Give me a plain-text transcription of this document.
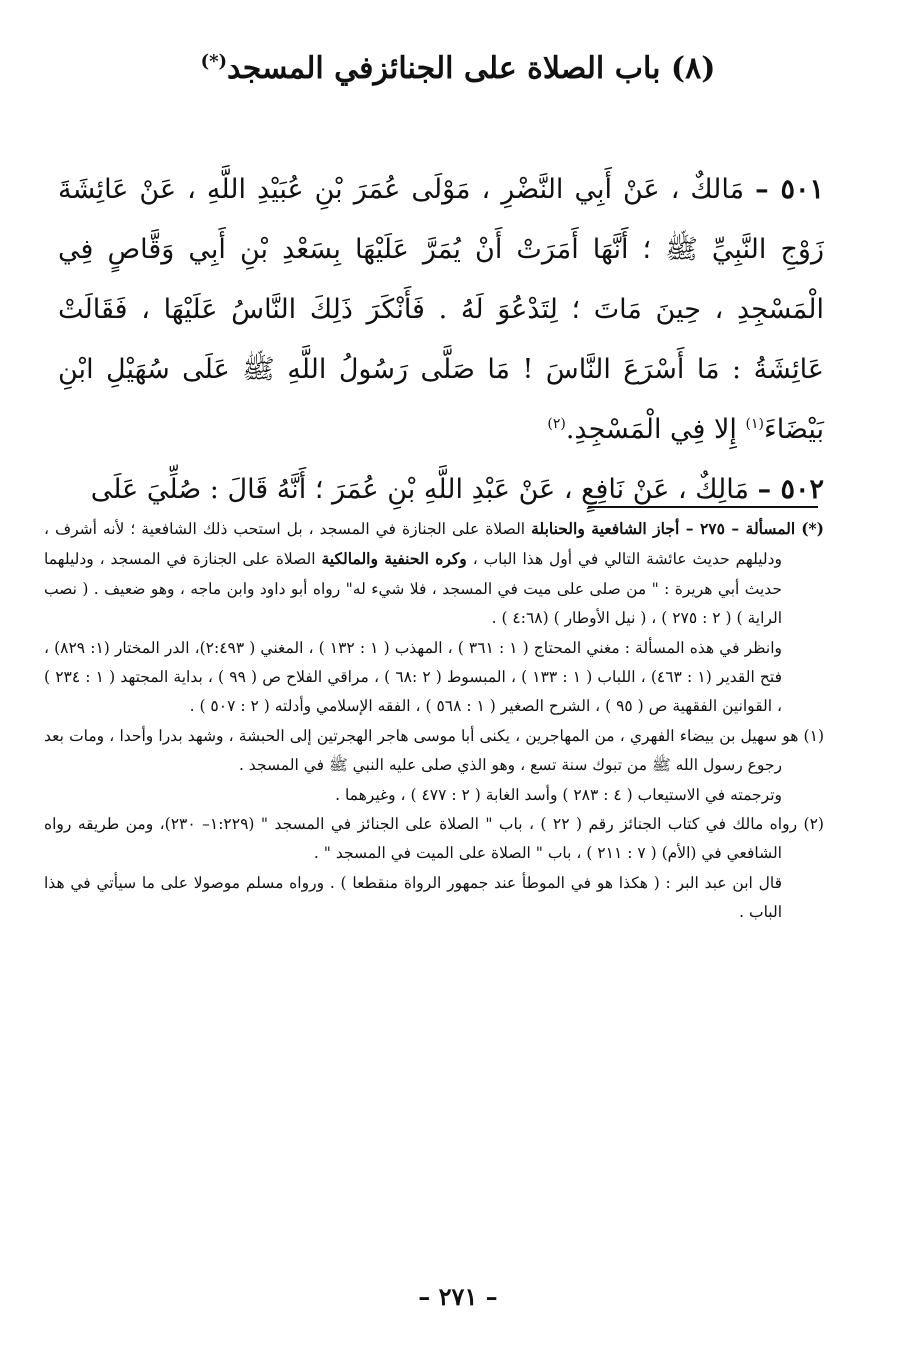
(٨) باب الصلاة على الجنائزفي المسجد(*)

٥٠١ – مَالكٌ ، عَنْ أَبِي النَّضْرِ ، مَوْلَى عُمَرَ بْنِ عُبَيْدِ اللَّهِ ، عَنْ عَائِشَةَ زَوْجِ النَّبِيِّ ﷺ ؛ أَنَّهَا أَمَرَتْ أَنْ يُمَرَّ عَلَيْهَا بِسَعْدِ بْنِ أَبِي وَقَّاصٍ فِي الْمَسْجِدِ ، حِينَ مَاتَ ؛ لِتَدْعُوَ لَهُ . فَأَنْكَرَ ذَلِكَ النَّاسُ عَلَيْهَا ، فَقَالَتْ عَائِشَةُ : مَا أَسْرَعَ النَّاسَ ! مَا صَلَّى رَسُولُ اللَّهِ ﷺ عَلَى سُهَيْلِ ابْنِ بَيْضَاءَ$^{(١)}$ إِلا فِي الْمَسْجِدِ.$^{(٢)}$

٥٠٢ – مَالِكٌ ، عَنْ نَافِعٍ ، عَنْ عَبْدِ اللَّهِ بْنِ عُمَرَ ؛ أَنَّهُ قَالَ : صُلِّيَ عَلَى

(*) المسألة – ٢٧٥ – أجاز الشافعية والحنابلة الصلاة على الجنازة في المسجد ، بل استحب ذلك الشافعية ؛ لأنه أشرف ، ودليلهم حديث عائشة التالي في أول هذا الباب ، وكره الحنفية والمالكية الصلاة على الجنازة في المسجد ، ودليلهما حديث أبي هريرة : " من صلى على ميت في المسجد ، فلا شيء له" رواه أبو داود وابن ماجه ، وهو ضعيف . ( نصب الراية ) ( ٢ : ٢٧٥ ) ، ( نيل الأوطار ) (٤:٦٨ ) .

وانظر في هذه المسألة : مغني المحتاج ( ١ : ٣٦١ ) ، المهذب ( ١ : ١٣٢ ) ، المغني ( ٢:٤٩٣)، الدر المختار (١: ٨٢٩) ، فتح القدير (١ : ٤٦٣) ، اللباب ( ١ : ١٣٣ ) ، المبسوط ( ٢ :٦٨ ) ، مراقي الفلاح ص ( ٩٩ ) ، بداية المجتهد ( ١ : ٢٣٤ ) ، القوانين الفقهية ص ( ٩٥ ) ، الشرح الصغير ( ١ : ٥٦٨ ) ، الفقه الإسلامي وأدلته ( ٢ : ٥٠٧ ) .

(١) هو سهيل بن بيضاء الفهري ، من المهاجرين ، يكنى أبا موسى هاجر الهجرتين إلى الحبشة ، وشهد بدرا وأحدا ، ومات بعد رجوع رسول الله ﷺ من تبوك سنة تسع ، وهو الذي صلى عليه النبي ﷺ في المسجد .

وترجمته في الاستيعاب ( ٤ : ٢٨٣ ) وأسد الغابة ( ٢ : ٤٧٧ ) ، وغيرهما .

(٢) رواه مالك في كتاب الجنائز رقم ( ٢٢ ) ، باب " الصلاة على الجنائز في المسجد " (١:٢٢٩– ٢٣٠)، ومن طريقه رواه الشافعي في (الأم) ( ٧ : ٢١١ ) ، باب " الصلاة على الميت في المسجد " .

قال ابن عبد البر : ( هكذا هو في الموطأ عند جمهور الرواة منقطعا ) . ورواه مسلم موصولا على ما سيأتي في هذا الباب .

– ٢٧١ –
